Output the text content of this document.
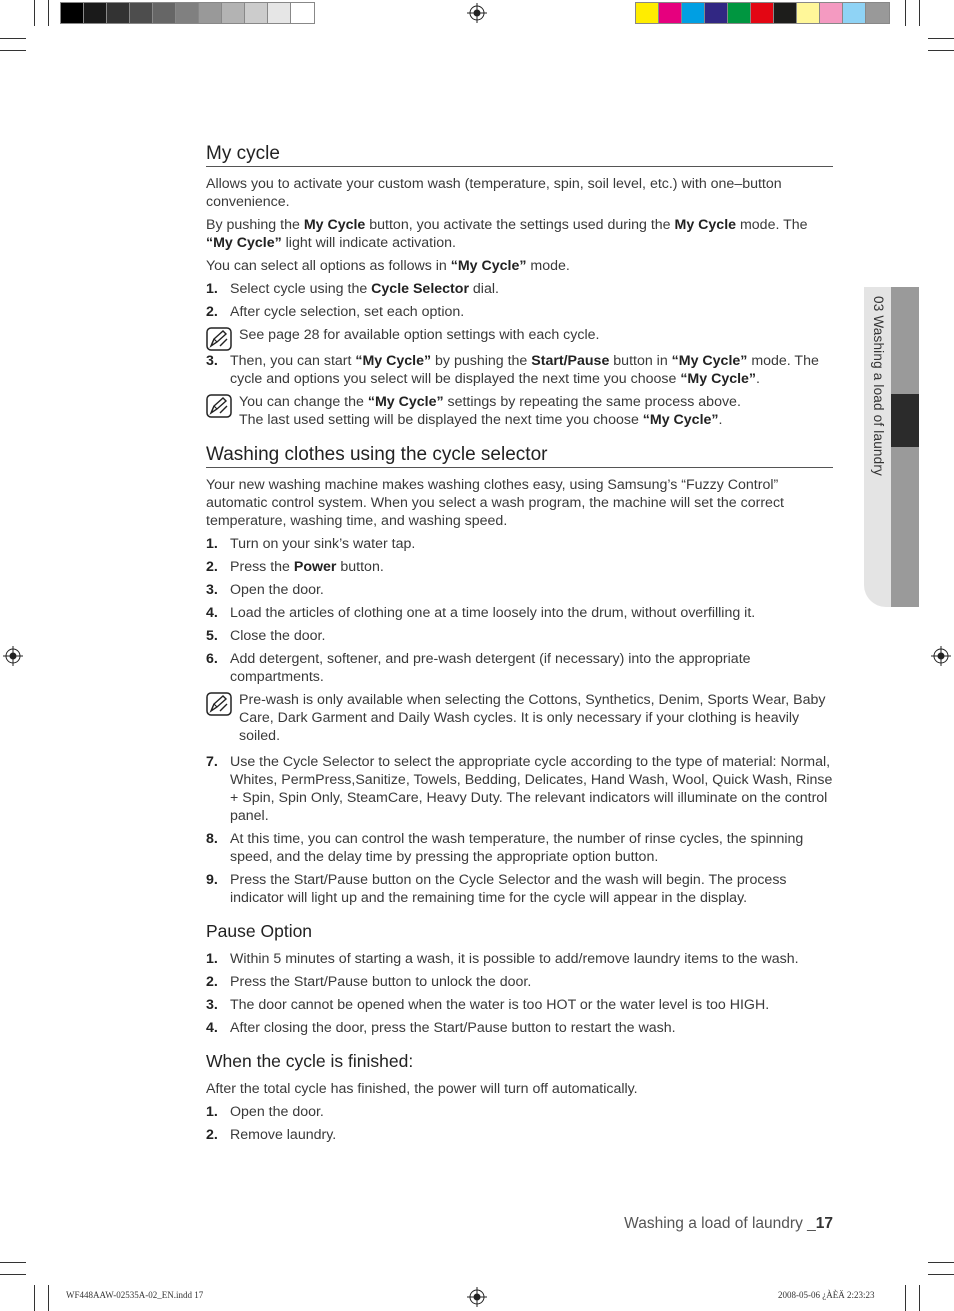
03 Washing a load of laundry
My cycle

Allows you to activate your custom wash (temperature, spin, soil level, etc.) with one–button convenience.

By pushing the My Cycle button, you activate the settings used during the My Cycle mode. The “My Cycle” light will indicate activation.

You can select all options as follows in “My Cycle” mode.

1. Select cycle using the Cycle Selector dial.
2. After cycle selection, set each option.
See page 28 for available option settings with each cycle.
3. Then, you can start “My Cycle” by pushing the Start/Pause button in “My Cycle” mode. The cycle and options you select will be displayed the next time you choose “My Cycle”.
You can change the “My Cycle” settings by repeating the same process above.
The last used setting will be displayed the next time you choose “My Cycle”.
Washing clothes using the cycle selector

Your new washing machine makes washing clothes easy, using Samsung’s “Fuzzy Control” automatic control system. When you select a wash program, the machine will set the correct temperature, washing time, and washing speed.

1. Turn on your sink’s water tap.
2. Press the Power button.
3. Open the door.
4. Load the articles of clothing one at a time loosely into the drum, without overfilling it.
5. Close the door.
6. Add detergent, softener, and pre-wash detergent (if necessary) into the appropriate compartments.
Pre-wash is only available when selecting the Cottons, Synthetics, Denim, Sports Wear, Baby Care, Dark Garment and Daily Wash cycles. It is only necessary if your clothing is heavily soiled.
7. Use the Cycle Selector to select the appropriate cycle according to the type of material: Normal, Whites, PermPress,Sanitize, Towels, Bedding, Delicates, Hand Wash, Wool, Quick Wash, Rinse + Spin, Spin Only, SteamCare, Heavy Duty. The relevant indicators will illuminate on the control panel.
8. At this time, you can control the wash temperature, the number of rinse cycles, the spinning speed, and the delay time by pressing the appropriate option button.
9. Press the Start/Pause button on the Cycle Selector and the wash will begin. The process indicator will light up and the remaining time for the cycle will appear in the display.
Pause Option
1. Within 5 minutes of starting a wash, it is possible to add/remove laundry items to the wash.
2. Press the Start/Pause button to unlock the door.
3. The door cannot be opened when the water is too HOT or the water level is too HIGH.
4. After closing the door, press the Start/Pause button to restart the wash.
When the cycle is finished:

After the total cycle has finished, the power will turn off automatically.

1. Open the door.
2. Remove laundry.
Washing a load of laundry _17
WF448AAW-02535A-02_EN.indd 17	2008-05-06 ¿ÀÈÄ 2:23:23
